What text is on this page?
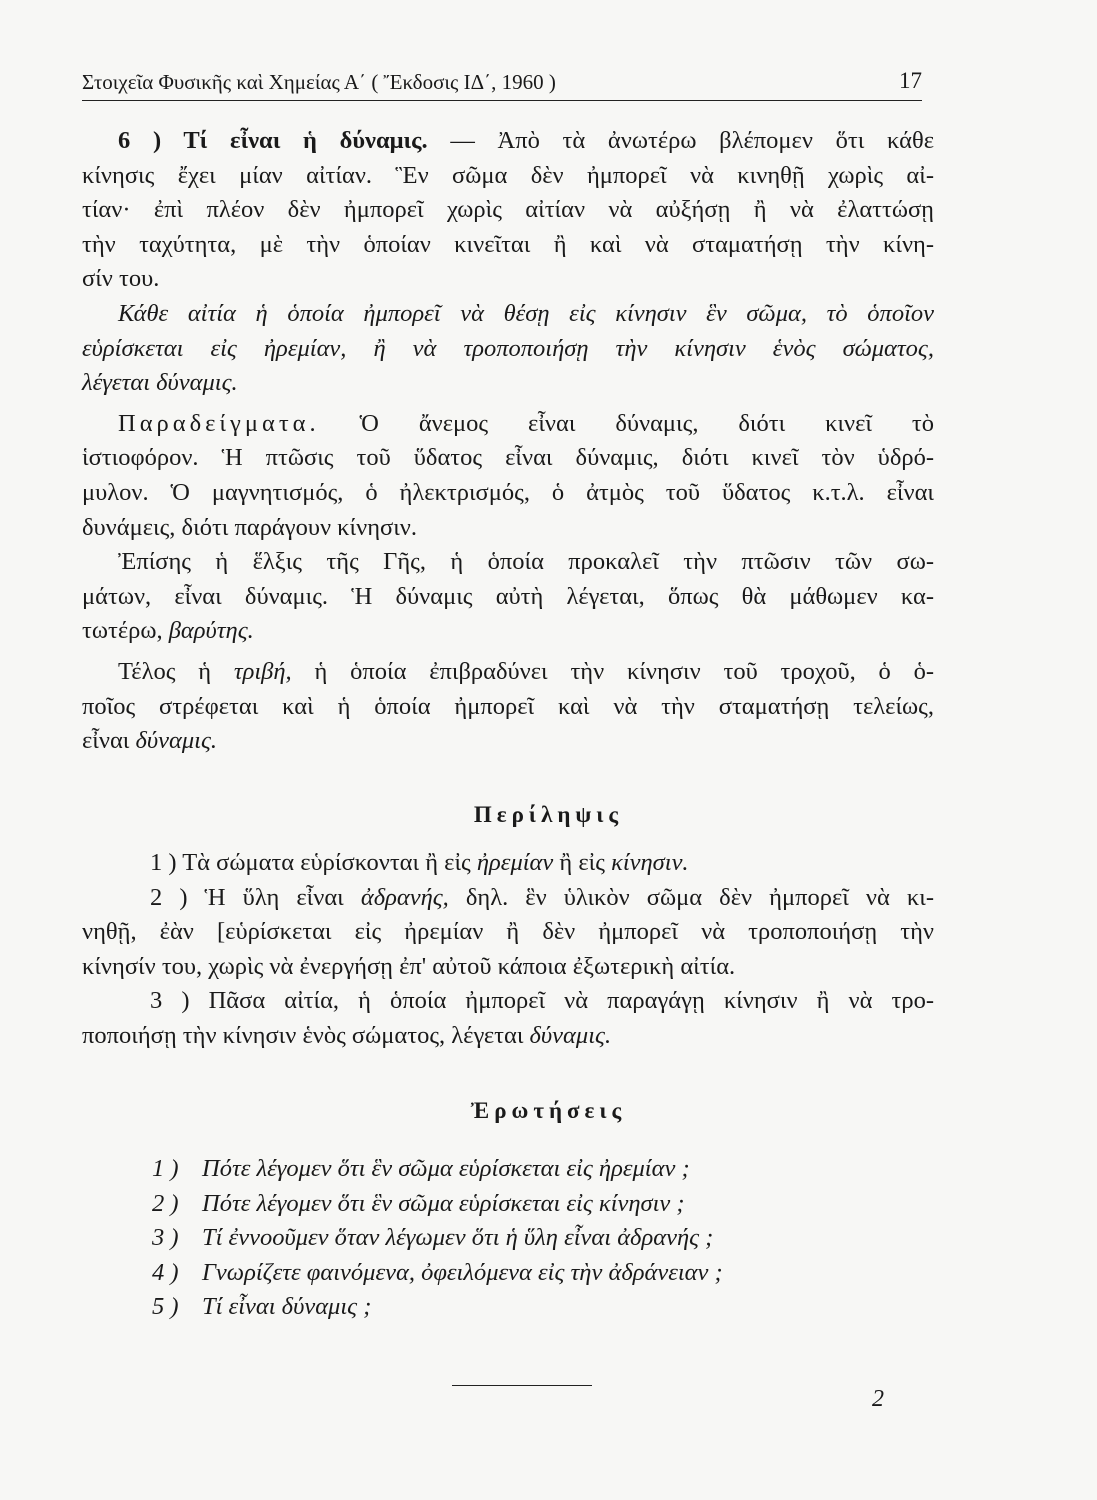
Στοιχεῖα Φυσικῆς καὶ Χημείας Α΄ ( Ἔκδοσις ΙΔ΄, 1960 )	17
6 ) Τί εἶναι ἡ δύναμις. — Ἀπὸ τὰ ἀνωτέρω βλέπομεν ὅτι κάθε
κίνησις ἔχει μίαν αἰτίαν. Ἓν σῶμα δὲν ἠμπορεῖ νὰ κινηθῇ χωρὶς αἰ-
τίαν· ἐπὶ πλέον δὲν ἠμπορεῖ χωρὶς αἰτίαν νὰ αὐξήσῃ ἢ νὰ ἐλαττώσῃ
τὴν ταχύτητα, μὲ τὴν ὁποίαν κινεῖται ἢ καὶ νὰ σταματήσῃ τὴν κίνη-
σίν του.
Κάθε αἰτία ἡ ὁποία ἠμπορεῖ νὰ θέσῃ εἰς κίνησιν ἓν σῶμα, τὸ ὁποῖον
εὑρίσκεται εἰς ἠρεμίαν, ἢ νὰ τροποποιήσῃ τὴν κίνησιν ἑνὸς σώματος,
λέγεται δύναμις.
Παραδείγματα. Ὁ ἄνεμος εἶναι δύναμις, διότι κινεῖ τὸ
ἱστιοφόρον. Ἡ πτῶσις τοῦ ὕδατος εἶναι δύναμις, διότι κινεῖ τὸν ὑδρό-
μυλον. Ὁ μαγνητισμός, ὁ ἠλεκτρισμός, ὁ ἀτμὸς τοῦ ὕδατος κ.τ.λ. εἶναι
δυνάμεις, διότι παράγουν κίνησιν.
Ἐπίσης ἡ ἕλξις τῆς Γῆς, ἡ ὁποία προκαλεῖ τὴν πτῶσιν τῶν σω-
μάτων, εἶναι δύναμις. Ἡ δύναμις αὐτὴ λέγεται, ὅπως θὰ μάθωμεν κα-
τωτέρω, βαρύτης.
Τέλος ἡ τριβή, ἡ ὁποία ἐπιβραδύνει τὴν κίνησιν τοῦ τροχοῦ, ὁ ὁ-
ποῖος στρέφεται καὶ ἡ ὁποία ἠμπορεῖ καὶ νὰ τὴν σταματήσῃ τελείως,
εἶναι δύναμις.
Περίληψις
1 ) Τὰ σώματα εὑρίσκονται ἢ εἰς ἠρεμίαν ἢ εἰς κίνησιν.
2 ) Ἡ ὕλη εἶναι ἀδρανής, δηλ. ἓν ὑλικὸν σῶμα δὲν ἠμπορεῖ νὰ κι-
νηθῇ, ἐὰν [εὑρίσκεται εἰς ἠρεμίαν ἢ δὲν ἠμπορεῖ νὰ τροποποιήσῃ τὴν
κίνησίν του, χωρὶς νὰ ἐνεργήσῃ ἐπ' αὐτοῦ κάποια ἐξωτερικὴ αἰτία.
3 ) Πᾶσα αἰτία, ἡ ὁποία ἠμπορεῖ νὰ παραγάγῃ κίνησιν ἢ νὰ τρο-
ποποιήσῃ τὴν κίνησιν ἑνὸς σώματος, λέγεται δύναμις.
Ἐρωτήσεις
1 ) Πότε λέγομεν ὅτι ἓν σῶμα εὑρίσκεται εἰς ἠρεμίαν ;
2 ) Πότε λέγομεν ὅτι ἓν σῶμα εὑρίσκεται εἰς κίνησιν ;
3 ) Τί ἐννοοῦμεν ὅταν λέγωμεν ὅτι ἡ ὕλη εἶναι ἀδρανής ;
4 ) Γνωρίζετε φαινόμενα, ὀφειλόμενα εἰς τὴν ἀδράνειαν ;
5 ) Τί εἶναι δύναμις ;
2
